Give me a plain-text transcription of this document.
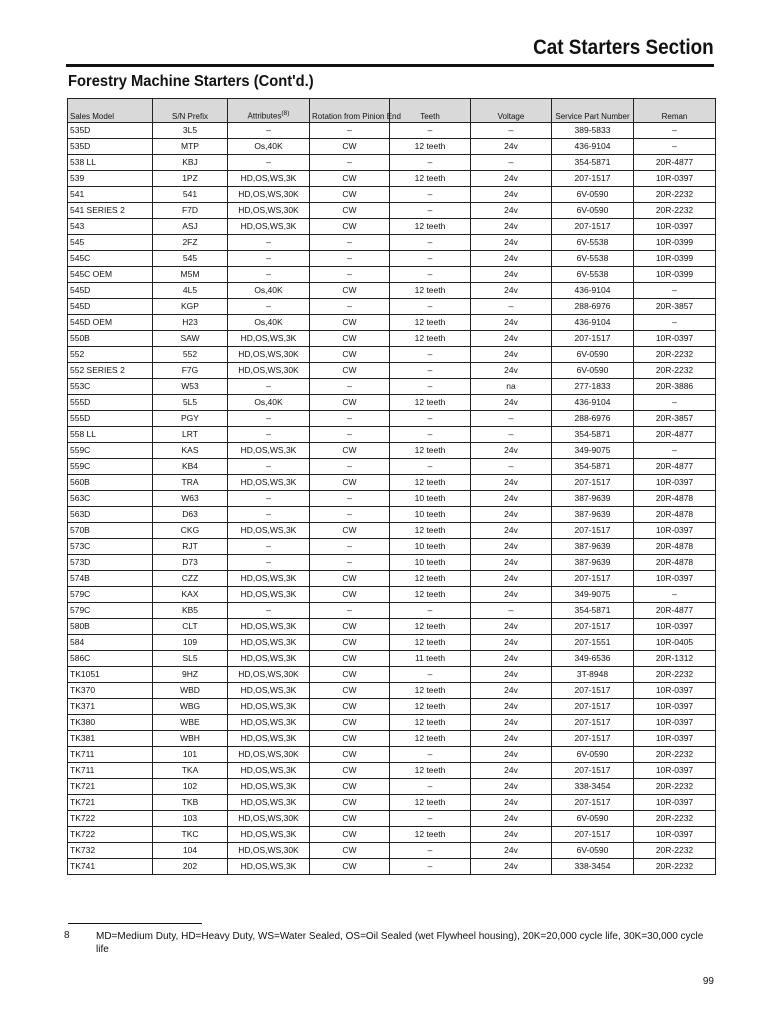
Cat Starters Section
Forestry Machine Starters (Cont'd.)
Sales Model	S/N Prefix	Attributes$^{(8)}$	Rotation from Pinion End	Teeth	Voltage	Service Part Number	Reman
535D	3L5	–	–	–	–	389-5833	–
535D	MTP	Os,40K	CW	12 teeth	24v	436-9104	–
538 LL	KBJ	–	–	–	–	354-5871	20R-4877
539	1PZ	HD,OS,WS,3K	CW	12 teeth	24v	207-1517	10R-0397
541	541	HD,OS,WS,30K	CW	–	24v	6V-0590	20R-2232
541 SERIES 2	F7D	HD,OS,WS,30K	CW	–	24v	6V-0590	20R-2232
543	ASJ	HD,OS,WS,3K	CW	12 teeth	24v	207-1517	10R-0397
545	2FZ	–	–	–	24v	6V-5538	10R-0399
545C	545	–	–	–	24v	6V-5538	10R-0399
545C OEM	M5M	–	–	–	24v	6V-5538	10R-0399
545D	4L5	Os,40K	CW	12 teeth	24v	436-9104	–
545D	KGP	–	–	–	–	288-6976	20R-3857
545D OEM	H23	Os,40K	CW	12 teeth	24v	436-9104	–
550B	SAW	HD,OS,WS,3K	CW	12 teeth	24v	207-1517	10R-0397
552	552	HD,OS,WS,30K	CW	–	24v	6V-0590	20R-2232
552 SERIES 2	F7G	HD,OS,WS,30K	CW	–	24v	6V-0590	20R-2232
553C	W53	–	–	–	na	277-1833	20R-3886
555D	5L5	Os,40K	CW	12 teeth	24v	436-9104	–
555D	PGY	–	–	–	–	288-6976	20R-3857
558 LL	LRT	–	–	–	–	354-5871	20R-4877
559C	KAS	HD,OS,WS,3K	CW	12 teeth	24v	349-9075	–
559C	KB4	–	–	–	–	354-5871	20R-4877
560B	TRA	HD,OS,WS,3K	CW	12 teeth	24v	207-1517	10R-0397
563C	W63	–	–	10 teeth	24v	387-9639	20R-4878
563D	D63	–	–	10 teeth	24v	387-9639	20R-4878
570B	CKG	HD,OS,WS,3K	CW	12 teeth	24v	207-1517	10R-0397
573C	RJT	–	–	10 teeth	24v	387-9639	20R-4878
573D	D73	–	–	10 teeth	24v	387-9639	20R-4878
574B	CZZ	HD,OS,WS,3K	CW	12 teeth	24v	207-1517	10R-0397
579C	KAX	HD,OS,WS,3K	CW	12 teeth	24v	349-9075	–
579C	KB5	–	–	–	–	354-5871	20R-4877
580B	CLT	HD,OS,WS,3K	CW	12 teeth	24v	207-1517	10R-0397
584	109	HD,OS,WS,3K	CW	12 teeth	24v	207-1551	10R-0405
586C	SL5	HD,OS,WS,3K	CW	11 teeth	24v	349-6536	20R-1312
TK1051	9HZ	HD,OS,WS,30K	CW	–	24v	3T-8948	20R-2232
TK370	WBD	HD,OS,WS,3K	CW	12 teeth	24v	207-1517	10R-0397
TK371	WBG	HD,OS,WS,3K	CW	12 teeth	24v	207-1517	10R-0397
TK380	WBE	HD,OS,WS,3K	CW	12 teeth	24v	207-1517	10R-0397
TK381	WBH	HD,OS,WS,3K	CW	12 teeth	24v	207-1517	10R-0397
TK711	101	HD,OS,WS,30K	CW	–	24v	6V-0590	20R-2232
TK711	TKA	HD,OS,WS,3K	CW	12 teeth	24v	207-1517	10R-0397
TK721	102	HD,OS,WS,3K	CW	–	24v	338-3454	20R-2232
TK721	TKB	HD,OS,WS,3K	CW	12 teeth	24v	207-1517	10R-0397
TK722	103	HD,OS,WS,30K	CW	–	24v	6V-0590	20R-2232
TK722	TKC	HD,OS,WS,3K	CW	12 teeth	24v	207-1517	10R-0397
TK732	104	HD,OS,WS,30K	CW	–	24v	6V-0590	20R-2232
TK741	202	HD,OS,WS,3K	CW	–	24v	338-3454	20R-2232
8	MD=Medium Duty, HD=Heavy Duty, WS=Water Sealed, OS=Oil Sealed (wet Flywheel housing), 20K=20,000 cycle life, 30K=30,000 cycle life
99
